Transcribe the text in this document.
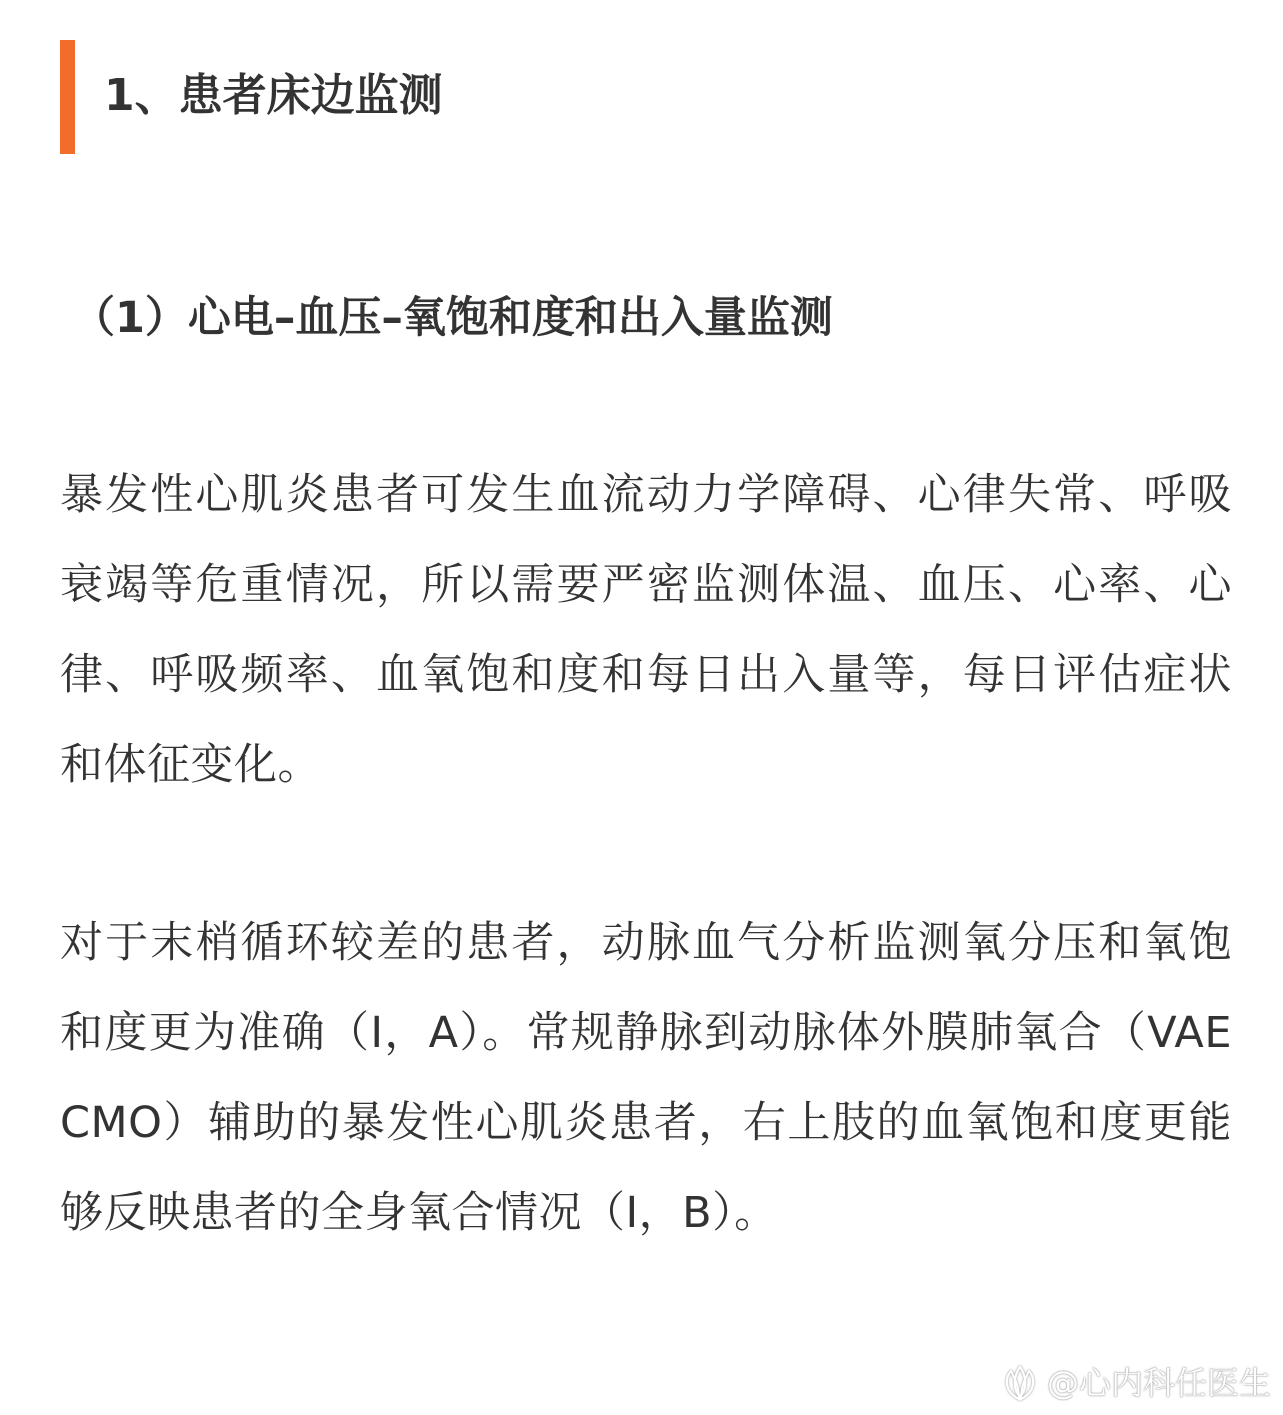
1、患者床边监测
（1）心电–血压–氧饱和度和出入量监测

暴发性心肌炎患者可发生血流动力学障碍、心律失常、呼吸衰竭等危重情况，所以需要严密监测体温、血压、心率、心律、呼吸频率、血氧饱和度和每日出入量等，每日评估症状和体征变化。

对于末梢循环较差的患者，动脉血气分析监测氧分压和氧饱和度更为准确（Ⅰ，A）。常规静脉到动脉体外膜肺氧合（VAECMO）辅助的暴发性心肌炎患者，右上肢的血氧饱和度更能够反映患者的全身氧合情况（Ⅰ，B）。

@心内科任医生
